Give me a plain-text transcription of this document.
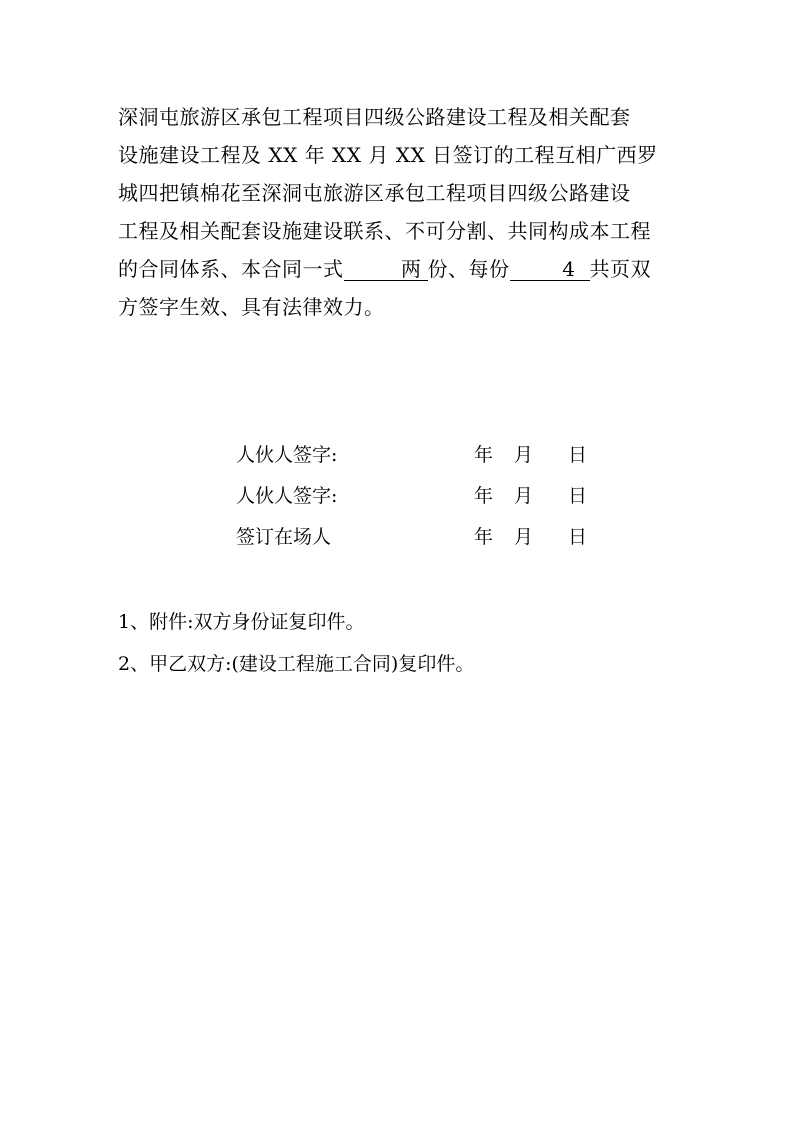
深洞屯旅游区承包工程项目四级公路建设工程及相关配套
设施建设工程及 XX 年 XX 月 XX 日签订的工程互相广西罗
城四把镇棉花至深洞屯旅游区承包工程项目四级公路建设
工程及相关配套设施建设联系、不可分割、共同构成本工程
的合同体系、本合同一式	两 份、每份	4 共页双
方签字生效、具有法律效力。
人伙人签字:	年 月 日
人伙人签字:	年 月 日
签订在场人	年 月 日
1、附件:双方身份证复印件。
2、甲乙双方:(建设工程施工合同)复印件。
